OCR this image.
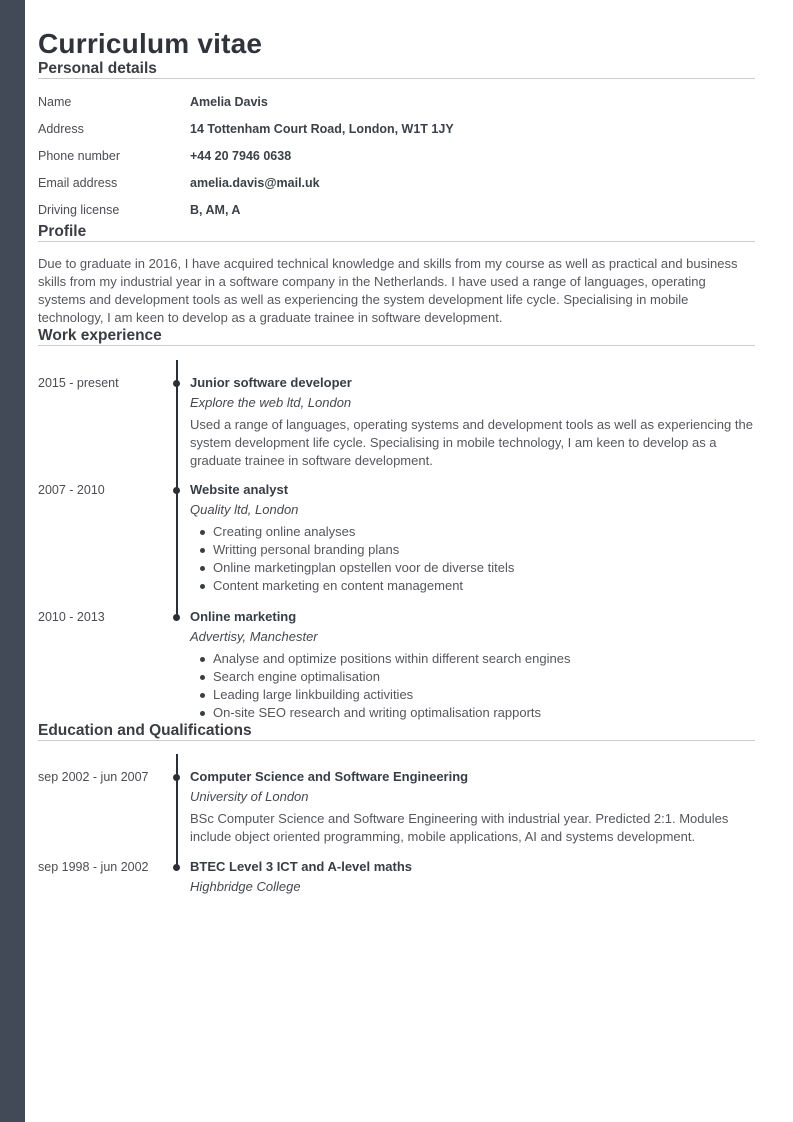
Curriculum vitae
Personal details
Name	Amelia Davis
Address	14 Tottenham Court Road, London, W1T 1JY
Phone number	+44 20 7946 0638
Email address	amelia.davis@mail.uk
Driving license	B, AM, A
Profile

Due to graduate in 2016, I have acquired technical knowledge and skills from my course as well as practical and business skills from my industrial year in a software company in the Netherlands. I have used a range of languages, operating systems and development tools as well as experiencing the system development life cycle. Specialising in mobile technology, I am keen to develop as a graduate trainee in software development.

Work experience
2015 - present	Junior software developer
Explore the web ltd, London

Used a range of languages, operating systems and development tools as well as experiencing the system development life cycle. Specialising in mobile technology, I am keen to develop as a graduate trainee in software development.

2007 - 2010	Website analyst
Quality ltd, London
Creating online analyses
Writting personal branding plans
Online marketingplan opstellen voor de diverse titels
Content marketing en content management
2010 - 2013	Online marketing
Advertisy, Manchester
Analyse and optimize positions within different search engines
Search engine optimalisation
Leading large linkbuilding activities
On-site SEO research and writing optimalisation rapports
Education and Qualifications
sep 2002 - jun 2007	Computer Science and Software Engineering
University of London

BSc Computer Science and Software Engineering with industrial year. Predicted 2:1. Modules include object oriented programming, mobile applications, AI and systems development.

sep 1998 - jun 2002	BTEC Level 3 ICT and A-level maths
Highbridge College
